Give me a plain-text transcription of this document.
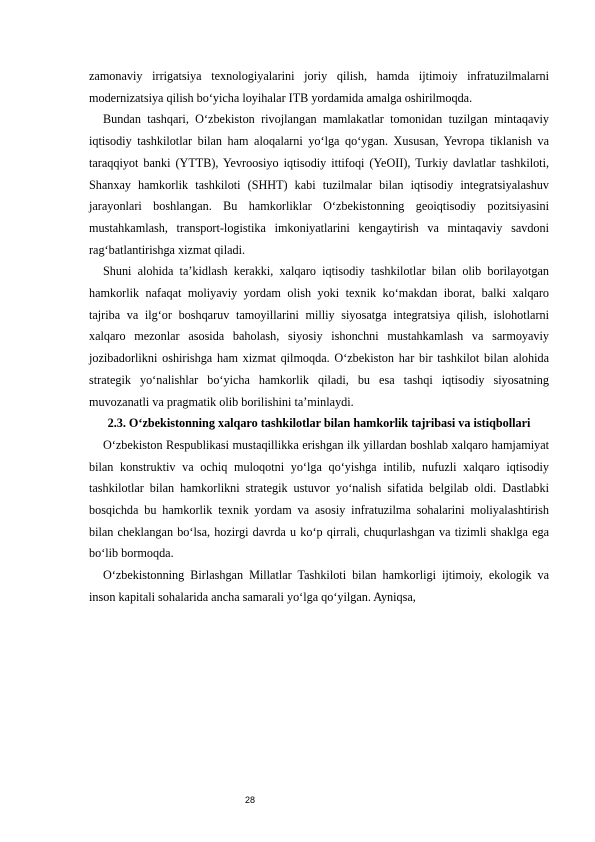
zamonaviy irrigatsiya texnologiyalarini joriy qilish, hamda ijtimoiy infratuzilmalarni modernizatsiya qilish bo‘yicha loyihalar ITB yordamida amalga oshirilmoqda.

Bundan tashqari, O‘zbekiston rivojlangan mamlakatlar tomonidan tuzilgan mintaqaviy iqtisodiy tashkilotlar bilan ham aloqalarni yo‘lga qo‘ygan. Xususan, Yevropa tiklanish va taraqqiyot banki (YTTB), Yevroosiyo iqtisodiy ittifoqi (YeOII), Turkiy davlatlar tashkiloti, Shanxay hamkorlik tashkiloti (SHHT) kabi tuzilmalar bilan iqtisodiy integratsiyalashuv jarayonlari boshlangan. Bu hamkorliklar O‘zbekistonning geoiqtisodiy pozitsiyasini mustahkamlash, transport-logistika imkoniyatlarini kengaytirish va mintaqaviy savdoni rag‘batlantirishga xizmat qiladi.

Shuni alohida ta’kidlash kerakki, xalqaro iqtisodiy tashkilotlar bilan olib borilayotgan hamkorlik nafaqat moliyaviy yordam olish yoki texnik ko‘makdan iborat, balki xalqaro tajriba va ilg‘or boshqaruv tamoyillarini milliy siyosatga integratsiya qilish, islohotlarni xalqaro mezonlar asosida baholash, siyosiy ishonchni mustahkamlash va sarmoyaviy jozibadorlikni oshirishga ham xizmat qilmoqda. O‘zbekiston har bir tashkilot bilan alohida strategik yo‘nalishlar bo‘yicha hamkorlik qiladi, bu esa tashqi iqtisodiy siyosatning muvozanatli va pragmatik olib borilishini ta’minlaydi.

2.3. O‘zbekistonning xalqaro tashkilotlar bilan hamkorlik tajribasi va istiqbollari

O‘zbekiston Respublikasi mustaqillikka erishgan ilk yillardan boshlab xalqaro hamjamiyat bilan konstruktiv va ochiq muloqotni yo‘lga qo‘yishga intilib, nufuzli xalqaro iqtisodiy tashkilotlar bilan hamkorlikni strategik ustuvor yo‘nalish sifatida belgilab oldi. Dastlabki bosqichda bu hamkorlik texnik yordam va asosiy infratuzilma sohalarini moliyalashtirish bilan cheklangan bo‘lsa, hozirgi davrda u ko‘p qirrali, chuqurlashgan va tizimli shaklga ega bo‘lib bormoqda.

O‘zbekistonning Birlashgan Millatlar Tashkiloti bilan hamkorligi ijtimoiy, ekologik va inson kapitali sohalarida ancha samarali yo‘lga qo‘yilgan. Ayniqsa,

28
